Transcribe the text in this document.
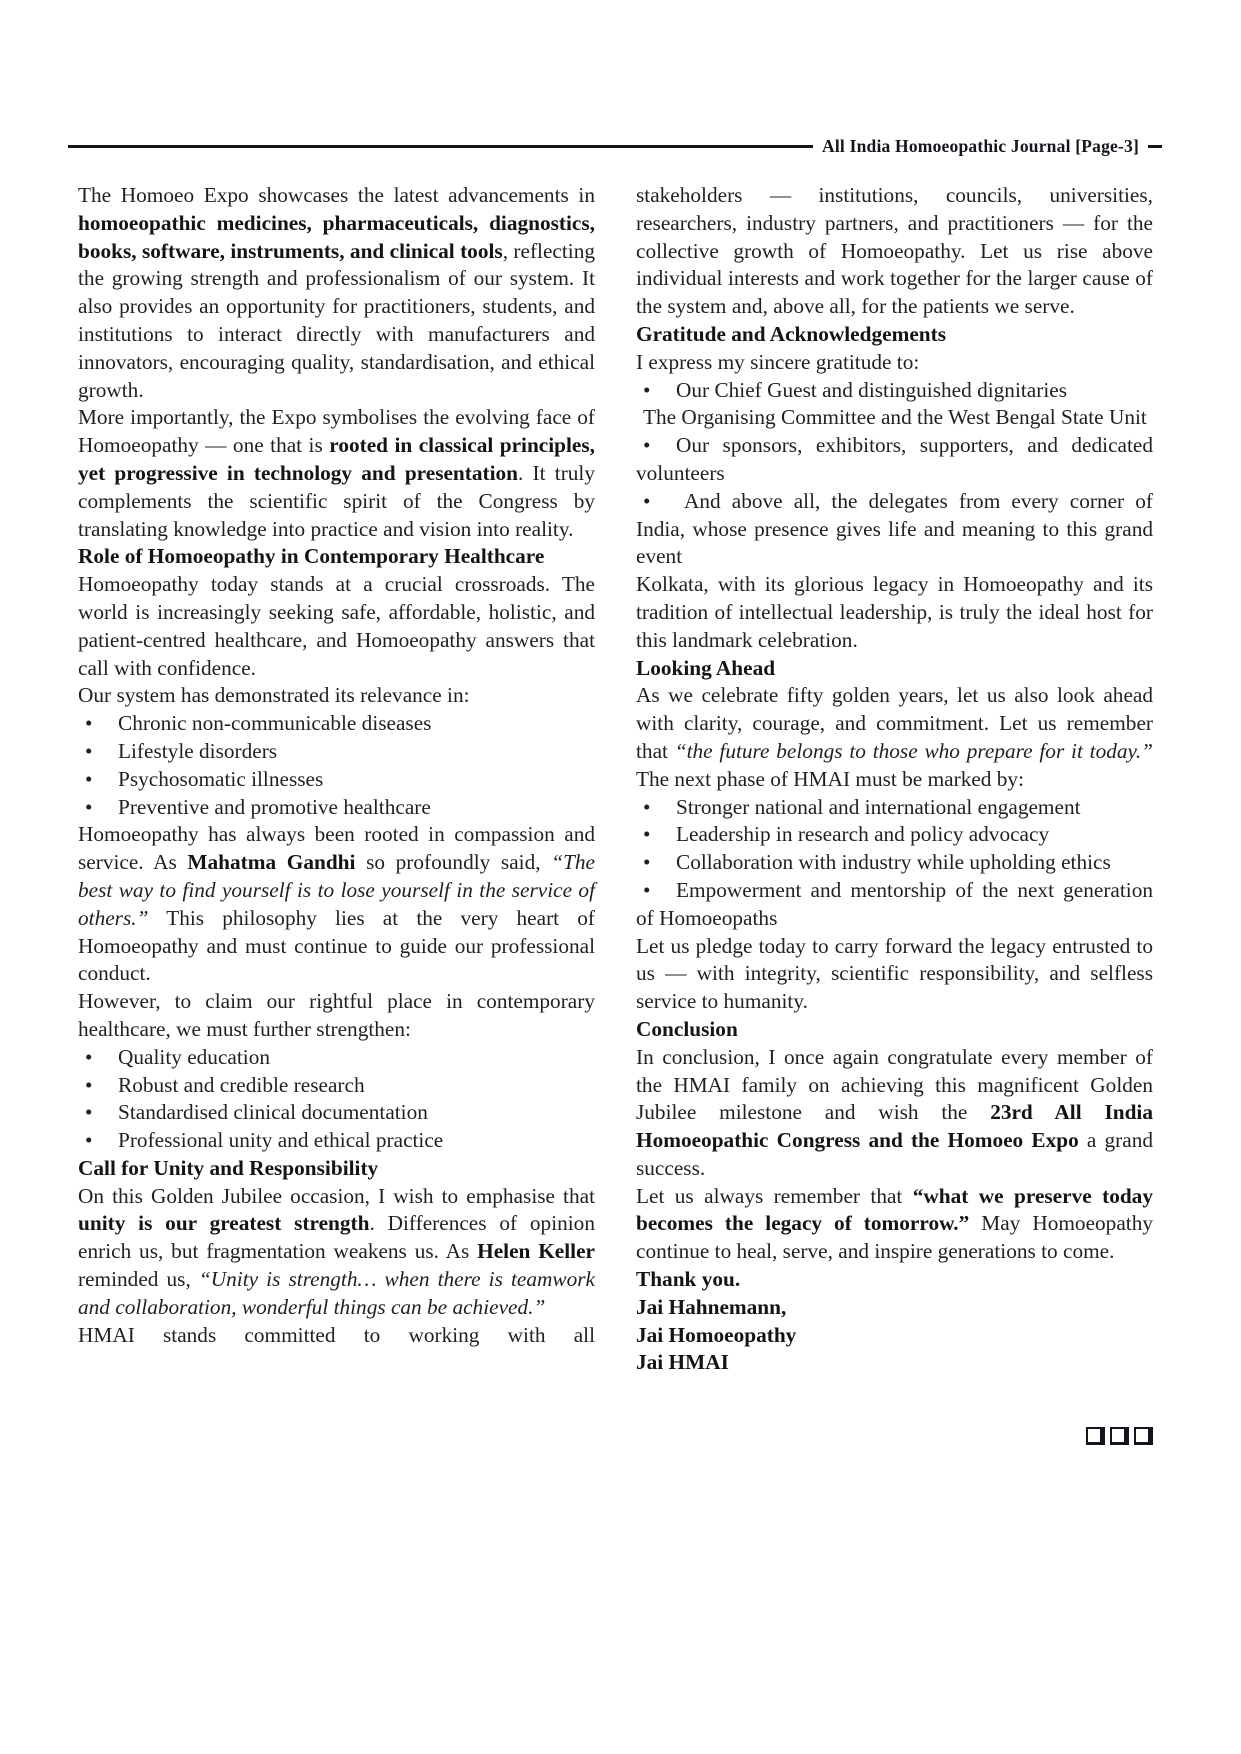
All India Homoeopathic Journal [Page-3]

The Homoeo Expo showcases the latest advancements in homoeopathic medicines, pharmaceuticals, diagnostics, books, software, instruments, and clinical tools, reflecting the growing strength and professionalism of our system. It also provides an opportunity for practitioners, students, and institutions to interact directly with manufacturers and innovators, encouraging quality, standardisation, and ethical growth.

More importantly, the Expo symbolises the evolving face of Homoeopathy — one that is rooted in classical principles, yet progressive in technology and presentation. It truly complements the scientific spirit of the Congress by translating knowledge into practice and vision into reality.

Role of Homoeopathy in Contemporary Healthcare

Homoeopathy today stands at a crucial crossroads. The world is increasingly seeking safe, affordable, holistic, and patient-centred healthcare, and Homoeopathy answers that call with confidence.

Our system has demonstrated its relevance in:

• Chronic non-communicable diseases

• Lifestyle disorders

• Psychosomatic illnesses

• Preventive and promotive healthcare

Homoeopathy has always been rooted in compassion and service. As Mahatma Gandhi so profoundly said, “The best way to find yourself is to lose yourself in the service of others.” This philosophy lies at the very heart of Homoeopathy and must continue to guide our professional conduct.

However, to claim our rightful place in contemporary healthcare, we must further strengthen:

• Quality education

• Robust and credible research

• Standardised clinical documentation

• Professional unity and ethical practice

Call for Unity and Responsibility

On this Golden Jubilee occasion, I wish to emphasise that unity is our greatest strength. Differences of opinion enrich us, but fragmentation weakens us. As Helen Keller reminded us, “Unity is strength… when there is teamwork and collaboration, wonderful things can be achieved.”

HMAI stands committed to working with all

stakeholders — institutions, councils, universities, researchers, industry partners, and practitioners — for the collective growth of Homoeopathy. Let us rise above individual interests and work together for the larger cause of the system and, above all, for the patients we serve.

Gratitude and Acknowledgements

I express my sincere gratitude to:

• Our Chief Guest and distinguished dignitaries

The Organising Committee and the West Bengal State Unit

• Our sponsors, exhibitors, supporters, and dedicated volunteers

• And above all, the delegates from every corner of India, whose presence gives life and meaning to this grand event

Kolkata, with its glorious legacy in Homoeopathy and its tradition of intellectual leadership, is truly the ideal host for this landmark celebration.

Looking Ahead

As we celebrate fifty golden years, let us also look ahead with clarity, courage, and commitment. Let us remember that “the future belongs to those who prepare for it today.” The next phase of HMAI must be marked by:

• Stronger national and international engagement

• Leadership in research and policy advocacy

• Collaboration with industry while upholding ethics

• Empowerment and mentorship of the next generation of Homoeopaths

Let us pledge today to carry forward the legacy entrusted to us — with integrity, scientific responsibility, and selfless service to humanity.

Conclusion

In conclusion, I once again congratulate every member of the HMAI family on achieving this magnificent Golden Jubilee milestone and wish the 23rd All India Homoeopathic Congress and the Homoeo Expo a grand success.

Let us always remember that “what we preserve today becomes the legacy of tomorrow.” May Homoeopathy continue to heal, serve, and inspire generations to come.

Thank you.

Jai Hahnemann,

Jai Homoeopathy

Jai HMAI
